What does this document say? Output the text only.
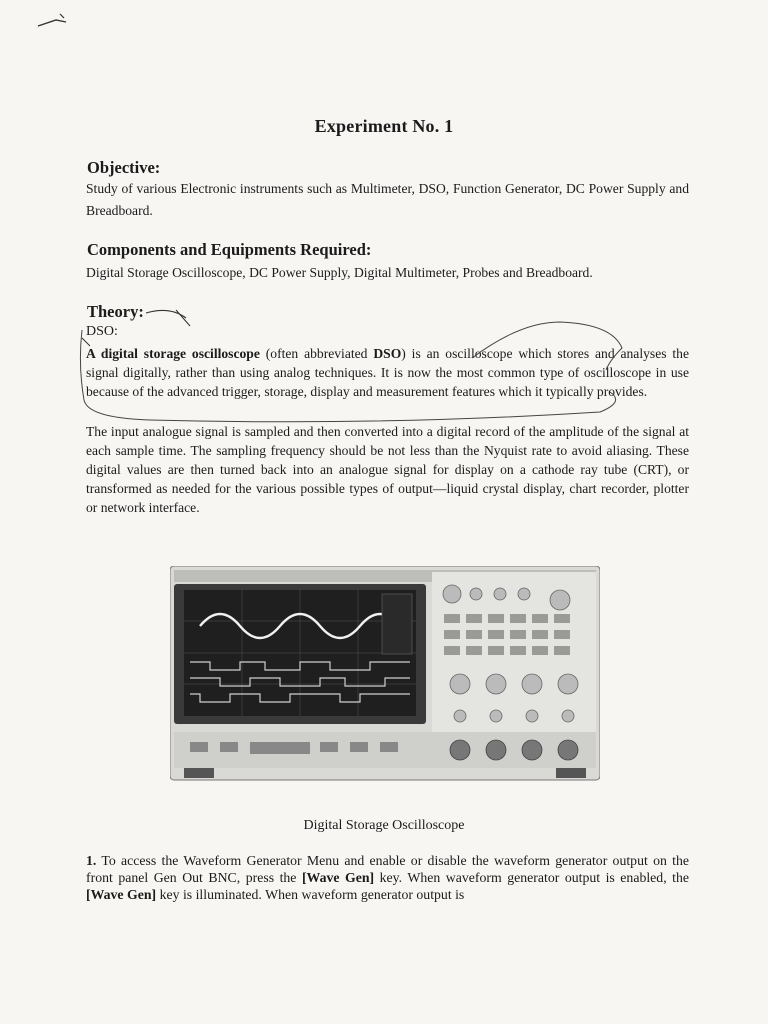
Experiment No. 1
Objective:
Study of various Electronic instruments such as Multimeter, DSO, Function Generator, DC Power Supply and Breadboard.
Components and Equipments Required:
Digital Storage Oscilloscope, DC Power Supply, Digital Multimeter, Probes and Breadboard.
Theory:
DSO:

A digital storage oscilloscope (often abbreviated DSO) is an oscilloscope which stores and analyses the signal digitally, rather than using analog techniques. It is now the most common type of oscilloscope in use because of the advanced trigger, storage, display and measurement features which it typically provides.

The input analogue signal is sampled and then converted into a digital record of the amplitude of the signal at each sample time. The sampling frequency should be not less than the Nyquist rate to avoid aliasing. These digital values are then turned back into an analogue signal for display on a cathode ray tube (CRT), or transformed as needed for the various possible types of output—liquid crystal display, chart recorder, plotter or network interface.
Digital Storage Oscilloscope

1. To access the Waveform Generator Menu and enable or disable the waveform generator output on the front panel Gen Out BNC, press the [Wave Gen] key. When waveform generator output is enabled, the [Wave Gen] key is illuminated. When waveform generator output is
